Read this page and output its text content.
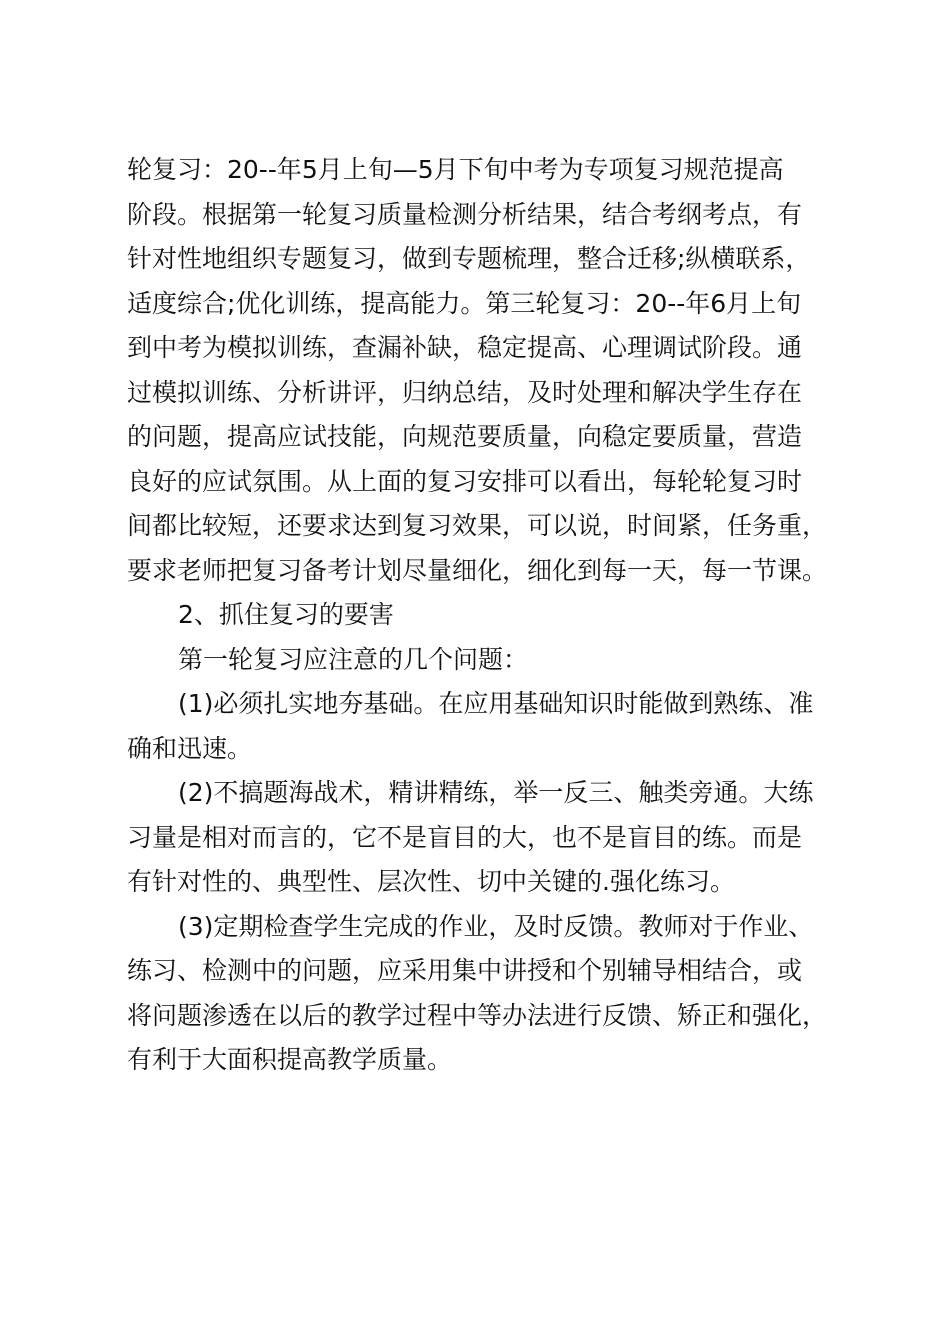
轮复习：20--年5月上旬—5月下旬中考为专项复习规范提高
阶段。根据第一轮复习质量检测分析结果，结合考纲考点，有
针对性地组织专题复习，做到专题梳理，整合迁移;纵横联系，
适度综合;优化训练，提高能力。第三轮复习：20--年6月上旬
到中考为模拟训练，查漏补缺，稳定提高、心理调试阶段。通
过模拟训练、分析讲评，归纳总结，及时处理和解决学生存在
的问题，提高应试技能，向规范要质量，向稳定要质量，营造
良好的应试氛围。从上面的复习安排可以看出，每轮轮复习时
间都比较短，还要求达到复习效果，可以说，时间紧，任务重，
要求老师把复习备考计划尽量细化，细化到每一天，每一节课。
2、抓住复习的要害
第一轮复习应注意的几个问题：
(1)必须扎实地夯基础。在应用基础知识时能做到熟练、准
确和迅速。
(2)不搞题海战术，精讲精练，举一反三、触类旁通。大练
习量是相对而言的，它不是盲目的大，也不是盲目的练。而是
有针对性的、典型性、层次性、切中关键的.强化练习。
(3)定期检查学生完成的作业，及时反馈。教师对于作业、
练习、检测中的问题，应采用集中讲授和个别辅导相结合，或
将问题渗透在以后的教学过程中等办法进行反馈、矫正和强化，
有利于大面积提高教学质量。
